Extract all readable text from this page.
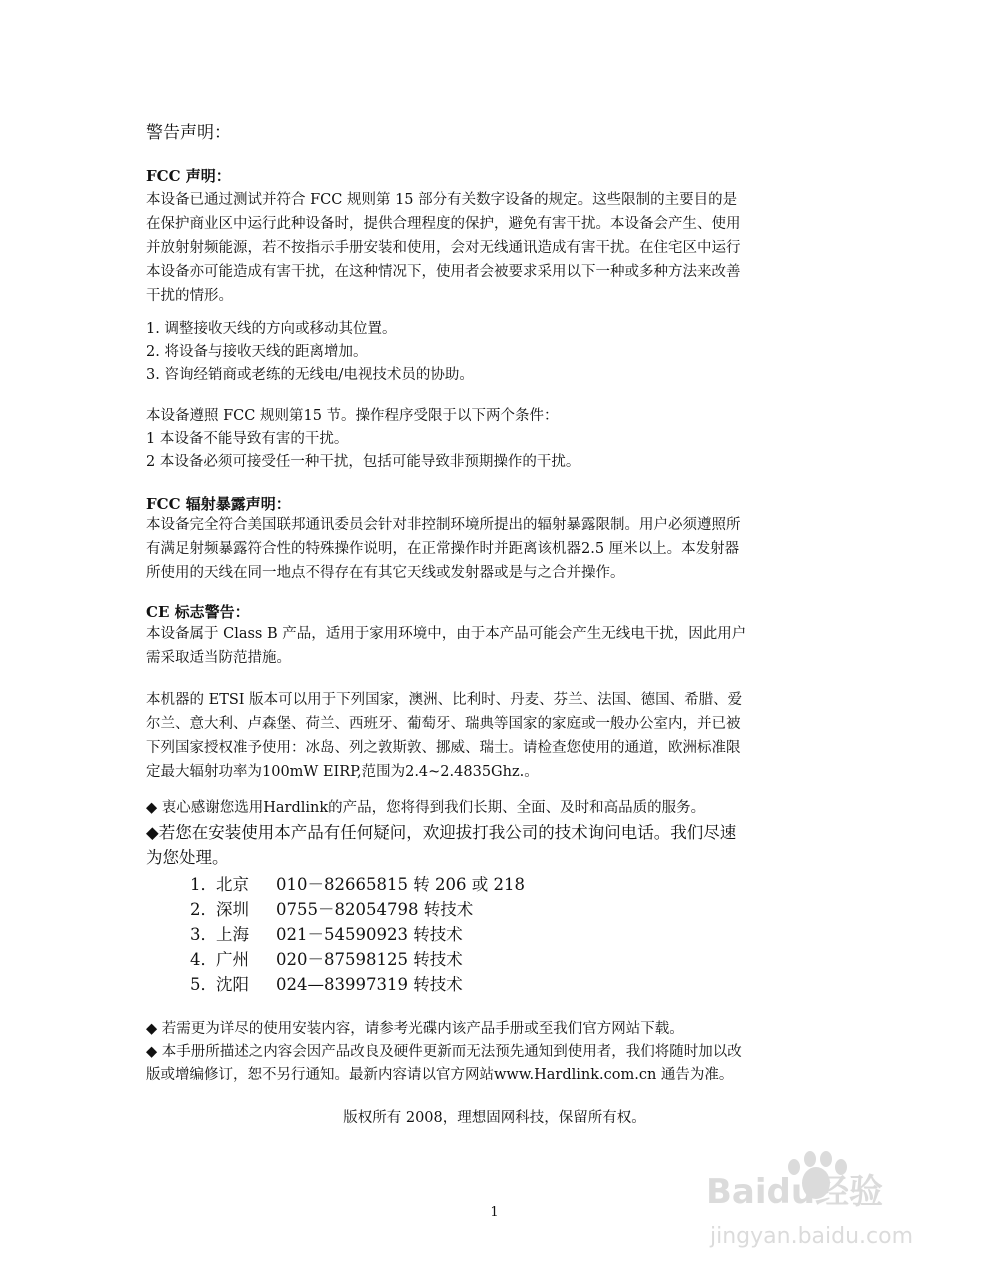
警告声明：
FCC 声明：

本设备已通过测试并符合 FCC 规则第 15 部分有关数字设备的规定。这些限制的主要目的是

在保护商业区中运行此种设备时，提供合理程度的保护，避免有害干扰。本设备会产生、使用

并放射射频能源，若不按指示手册安装和使用，会对无线通讯造成有害干扰。在住宅区中运行

本设备亦可能造成有害干扰，在这种情况下，使用者会被要求采用以下一种或多种方法来改善

干扰的情形。

1. 调整接收天线的方向或移动其位置。
2. 将设备与接收天线的距离增加。
3. 咨询经销商或老练的无线电/电视技术员的协助。
本设备遵照 FCC 规则第15 节。操作程序受限于以下两个条件：
1 本设备不能导致有害的干扰。
2 本设备必须可接受任一种干扰，包括可能导致非预期操作的干扰。
FCC 辐射暴露声明：

本设备完全符合美国联邦通讯委员会针对非控制环境所提出的辐射暴露限制。用户必须遵照所

有满足射频暴露符合性的特殊操作说明，在正常操作时并距离该机器2.5 厘米以上。本发射器

所使用的天线在同一地点不得存在有其它天线或发射器或是与之合并操作。

CE 标志警告：

本设备属于 Class B 产品，适用于家用环境中，由于本产品可能会产生无线电干扰，因此用户

需采取适当防范措施。

本机器的 ETSI 版本可以用于下列国家，澳洲、比利时、丹麦、芬兰、法国、德国、希腊、爱

尔兰、意大利、卢森堡、荷兰、西班牙、葡萄牙、瑞典等国家的家庭或一般办公室内，并已被

下列国家授权准予使用：冰岛、列之敦斯敦、挪威、瑞士。请检查您使用的通道，欧洲标准限

定最大辐射功率为100mW EIRP,范围为2.4~2.4835Ghz.。

◆ 衷心感谢您选用Hardlink的产品，您将得到我们长期、全面、及时和高品质的服务。
◆若您在安装使用本产品有任何疑问，欢迎拔打我公司的技术询问电话。我们尽速
为您处理。
1．北京 010－82665815 转 206 或 218
2．深圳 0755－82054798 转技术
3．上海 021－54590923 转技术
4．广州 020－87598125 转技术
5．沈阳 024—83997319 转技术
◆ 若需更为详尽的使用安装内容，请参考光碟内该产品手册或至我们官方网站下载。
◆ 本手册所描述之内容会因产品改良及硬件更新而无法预先通知到使用者，我们将随时加以改
版或增编修订，恕不另行通知。最新内容请以官方网站www.Hardlink.com.cn 通告为准。
版权所有 2008，理想固网科技，保留所有权。
1
Baidu经验
jingyan.baidu.com
